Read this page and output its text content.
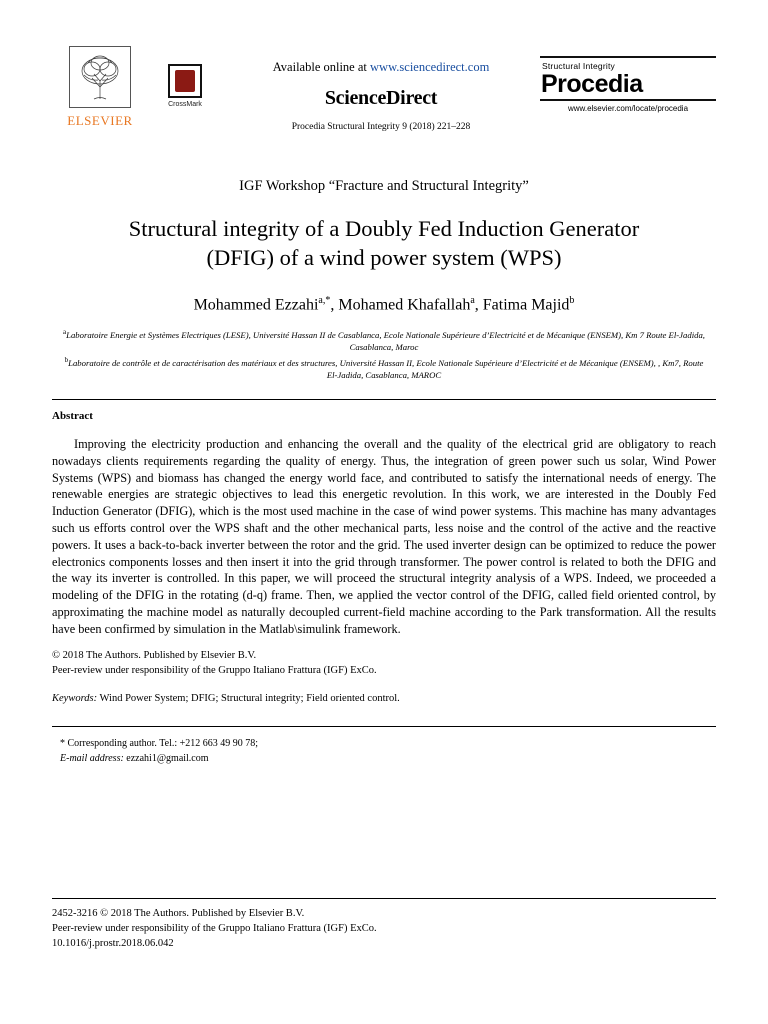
ELSEVIER
CrossMark
Available online at www.sciencedirect.com
ScienceDirect
Procedia Structural Integrity 9 (2018) 221–228
Structural Integrity
Procedia
www.elsevier.com/locate/procedia
IGF Workshop “Fracture and Structural Integrity”
Structural integrity of a Doubly Fed Induction Generator
(DFIG) of a wind power system (WPS)
Mohammed Ezzahi$^{a,*}$, Mohamed Khafallah$^a$, Fatima Majid$^b$
$^a$Laboratoire Energie et Systèmes Electriques (LESE), Université Hassan II de Casablanca, Ecole Nationale Supérieure d’Electricité et de Mécanique (ENSEM), Km 7 Route El-Jadida, Casablanca, Maroc
$^b$Laboratoire de contrôle et de caractérisation des matériaux et des structures, Université Hassan II, Ecole Nationale Supérieure d’Electricité et de Mécanique (ENSEM), , Km7, Route El-Jadida, Casablanca, MAROC
Abstract
Improving the electricity production and enhancing the overall and the quality of the electrical grid are obligatory to reach nowadays clients requirements regarding the quality of energy. Thus, the integration of green power such us solar, Wind Power Systems (WPS) and biomass has changed the energy world face, and contributed to satisfy the international needs of energy. The renewable energies are strategic objectives to lead this energetic revolution. In this work, we are interested in the Doubly Fed Induction Generator (DFIG), which is the most used machine in the case of wind power systems. This machine has many advantages such us efforts control over the WPS shaft and the other mechanical parts, less noise and the control of the active and the reactive powers. It uses a back-to-back inverter between the rotor and the grid. The used inverter design can be optimized to reduce the power electronics components losses and then insert it into the grid through transformer. The power control is related to both the DFIG and the way its inverter is controlled. In this paper, we will proceed the structural integrity analysis of a WPS. Indeed, we proceeded a modeling of the DFIG in the rotating (d-q) frame. Then, we applied the vector control of the DFIG, called field oriented control, by approximating the machine model as naturally decoupled current-field machine according to the Park transformation. All the results have been confirmed by simulation in the Matlab\simulink framework.
© 2018 The Authors. Published by Elsevier B.V.
Peer-review under responsibility of the Gruppo Italiano Frattura (IGF) ExCo.
Keywords: Wind Power System; DFIG; Structural integrity; Field oriented control.
* Corresponding author. Tel.: +212 663 49 90 78;
E-mail address: ezzahi1@gmail.com
2452-3216 © 2018 The Authors. Published by Elsevier B.V.
Peer-review under responsibility of the Gruppo Italiano Frattura (IGF) ExCo.
10.1016/j.prostr.2018.06.042
